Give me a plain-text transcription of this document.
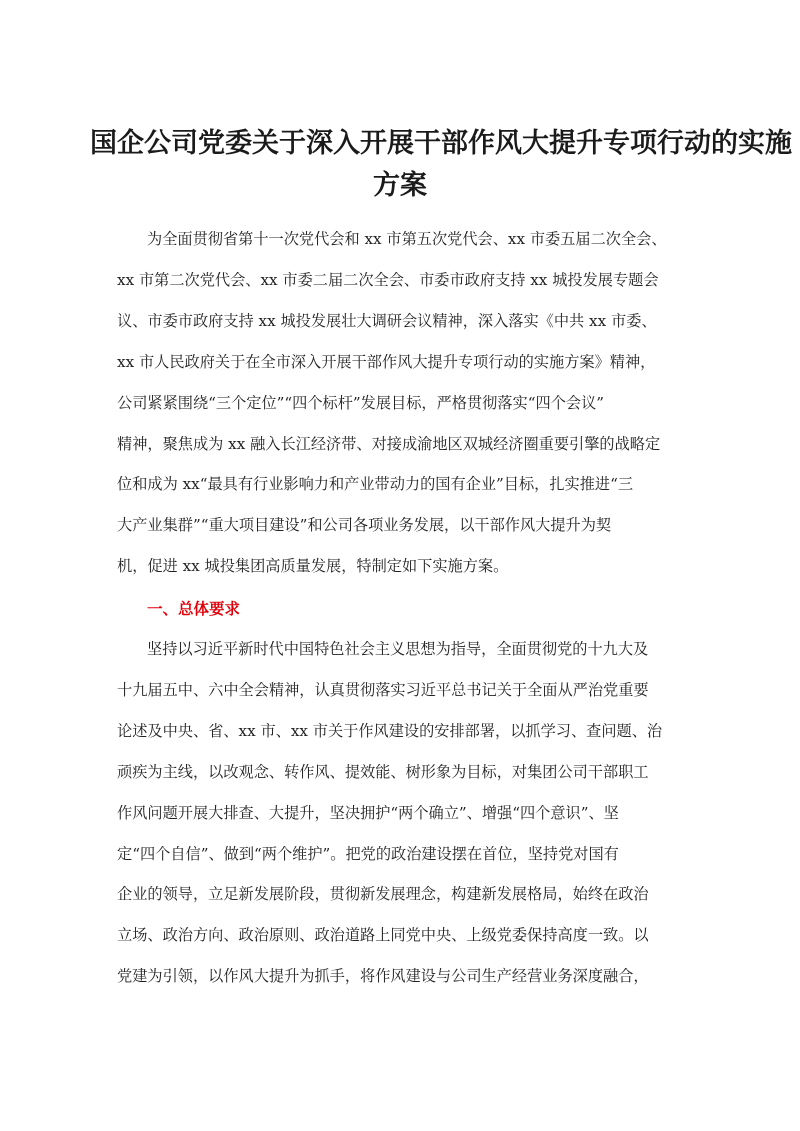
国企公司党委关于深入开展干部作风大提升专项行动的实施
方案
为全面贯彻省第十一次党代会和 xx 市第五次党代会、xx 市委五届二次全会、
xx 市第二次党代会、xx 市委二届二次全会、市委市政府支持 xx 城投发展专题会
议、市委市政府支持 xx 城投发展壮大调研会议精神，深入落实《中共 xx 市委、
xx 市人民政府关于在全市深入开展干部作风大提升专项行动的实施方案》精神，
公司紧紧围绕“三个定位”“四个标杆”发展目标，严格贯彻落实“四个会议”
精神，聚焦成为 xx 融入长江经济带、对接成渝地区双城经济圈重要引擎的战略定
位和成为 xx“最具有行业影响力和产业带动力的国有企业”目标，扎实推进“三
大产业集群”“重大项目建设”和公司各项业务发展，以干部作风大提升为契
机，促进 xx 城投集团高质量发展，特制定如下实施方案。
一、总体要求
坚持以习近平新时代中国特色社会主义思想为指导，全面贯彻党的十九大及
十九届五中、六中全会精神，认真贯彻落实习近平总书记关于全面从严治党重要
论述及中央、省、xx 市、xx 市关于作风建设的安排部署，以抓学习、查问题、治
顽疾为主线，以改观念、转作风、提效能、树形象为目标，对集团公司干部职工
作风问题开展大排查、大提升，坚决拥护“两个确立”、增强“四个意识”、坚
定“四个自信”、做到“两个维护”。把党的政治建设摆在首位，坚持党对国有
企业的领导，立足新发展阶段，贯彻新发展理念，构建新发展格局，始终在政治
立场、政治方向、政治原则、政治道路上同党中央、上级党委保持高度一致。以
党建为引领，以作风大提升为抓手，将作风建设与公司生产经营业务深度融合，
